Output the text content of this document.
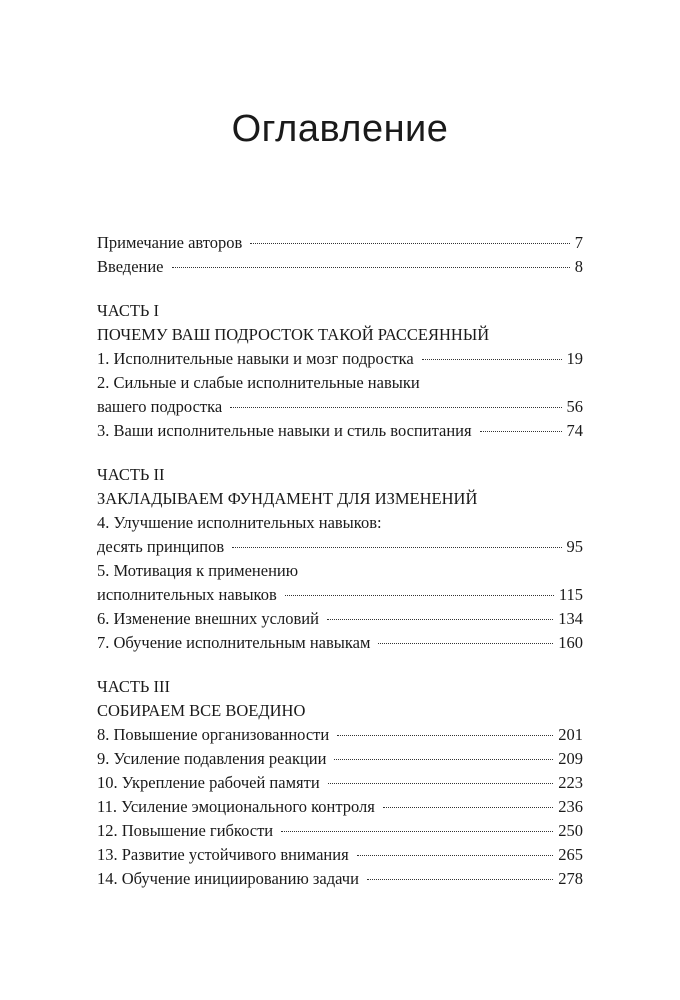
Оглавление
Примечание авторов	7
Введение	8
ЧАСТЬ I
ПОЧЕМУ ВАШ ПОДРОСТОК ТАКОЙ РАССЕЯННЫЙ
1. Исполнительные навыки и мозг подростка	19
2. Сильные и слабые исполнительные навыки
вашего подростка	56
3. Ваши исполнительные навыки и стиль воспитания	74
ЧАСТЬ II
ЗАКЛАДЫВАЕМ ФУНДАМЕНТ ДЛЯ ИЗМЕНЕНИЙ
4. Улучшение исполнительных навыков:
десять принципов	95
5. Мотивация к применению
исполнительных навыков	115
6. Изменение внешних условий	134
7. Обучение исполнительным навыкам	160
ЧАСТЬ III
СОБИРАЕМ ВСЕ ВОЕДИНО
8. Повышение организованности	201
9. Усиление подавления реакции	209
10. Укрепление рабочей памяти	223
11. Усиление эмоционального контроля	236
12. Повышение гибкости	250
13. Развитие устойчивого внимания	265
14. Обучение инициированию задачи	278
